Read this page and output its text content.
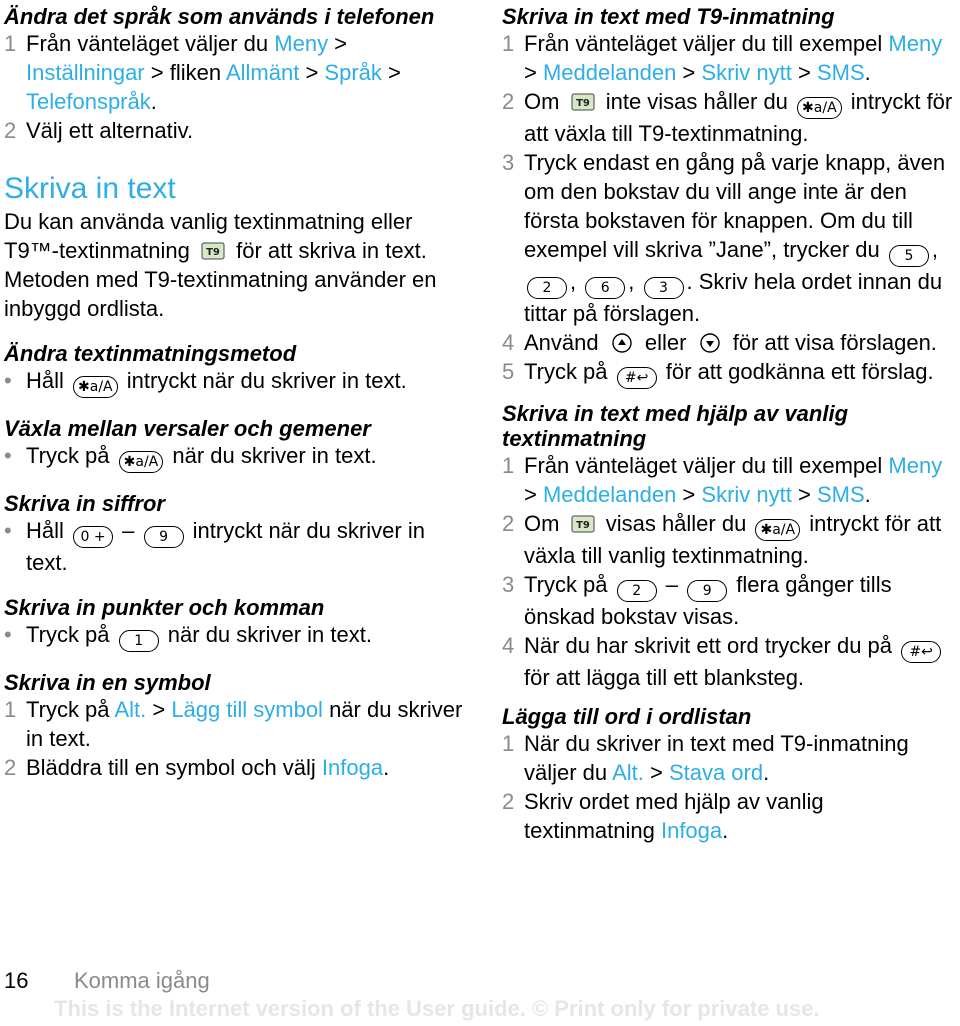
Ändra det språk som används i telefonen
1 Från vänteläget väljer du Meny > Inställningar > fliken Allmänt > Språk > Telefonspråk.
2 Välj ett alternativ.
Skriva in text

Du kan använda vanlig textinmatning eller T9™-textinmatning T9 för att skriva in text. Metoden med T9-textinmatning använder en inbyggd ordlista.

Ändra textinmatningsmetod
• Håll ✱a/A intryckt när du skriver in text.
Växla mellan versaler och gemener
• Tryck på ✱a/A när du skriver in text.
Skriva in siffror
• Håll 0 + – 9 intryckt när du skriver in text.
Skriva in punkter och komman
• Tryck på 1 när du skriver in text.
Skriva in en symbol
1 Tryck på Alt. > Lägg till symbol när du skriver in text.
2 Bläddra till en symbol och välj Infoga.
Skriva in text med T9-inmatning
1 Från vänteläget väljer du till exempel Meny > Meddelanden > Skriv nytt > SMS.
2 Om T9 inte visas håller du ✱a/A intryckt för att växla till T9-textinmatning.
3 Tryck endast en gång på varje knapp, även om den bokstav du vill ange inte är den första bokstaven för knappen. Om du till exempel vill skriva ”Jane”, trycker du 5 , 2 , 6 , 3 . Skriv hela ordet innan du tittar på förslagen.
4 Använd eller för att visa förslagen.
5 Tryck på #↩ för att godkänna ett förslag.
Skriva in text med hjälp av vanlig textinmatning
1 Från vänteläget väljer du till exempel Meny > Meddelanden > Skriv nytt > SMS.
2 Om T9 visas håller du ✱a/A intryckt för att växla till vanlig textinmatning.
3 Tryck på 2 – 9 flera gånger tills önskad bokstav visas.
4 När du har skrivit ett ord trycker du på #↩ för att lägga till ett blanksteg.
Lägga till ord i ordlistan
1 När du skriver in text med T9-inmatning väljer du Alt. > Stava ord.
2 Skriv ordet med hjälp av vanlig textinmatning Infoga.
16 Komma igång
This is the Internet version of the User guide. © Print only for private use.
